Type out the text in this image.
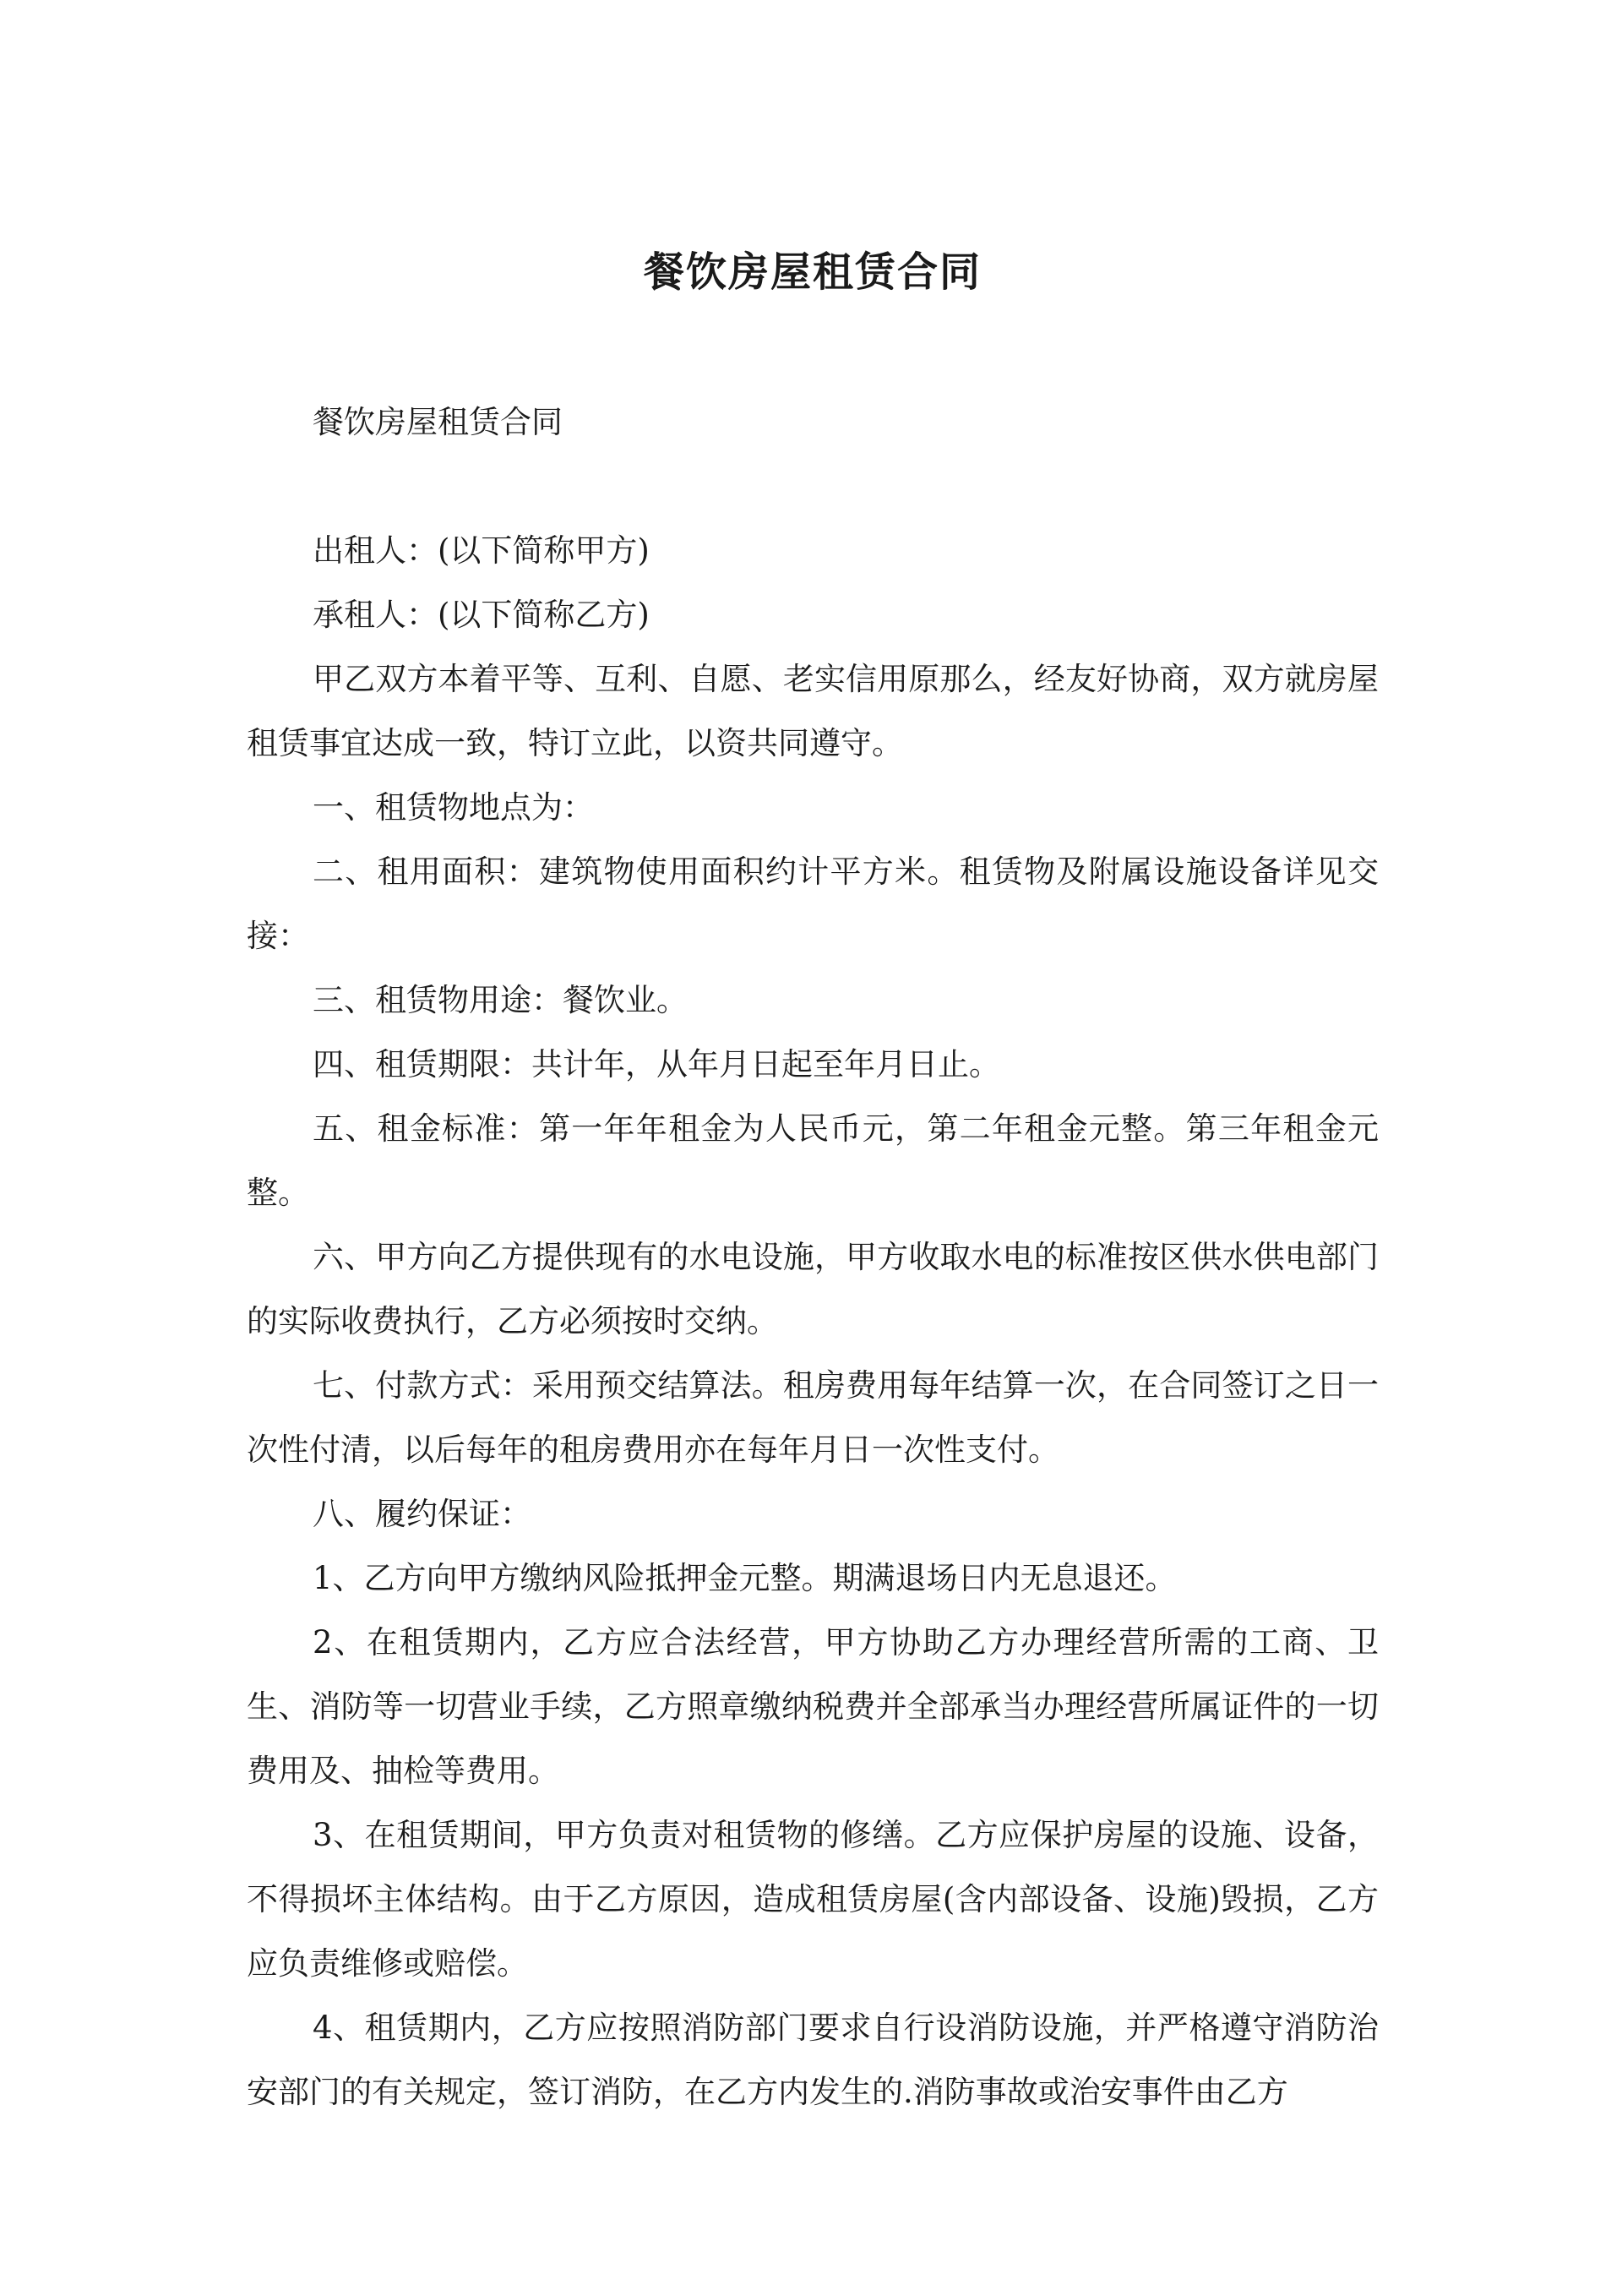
餐饮房屋租赁合同

餐饮房屋租赁合同

出租人：(以下简称甲方)

承租人：(以下简称乙方)

甲乙双方本着平等、互利、自愿、老实信用原那么，经友好协商，双方就房屋租赁事宜达成一致，特订立此，以资共同遵守。

一、租赁物地点为：

二、租用面积：建筑物使用面积约计平方米。租赁物及附属设施设备详见交接：

三、租赁物用途：餐饮业。

四、租赁期限：共计年，从年月日起至年月日止。

五、租金标准：第一年年租金为人民币元，第二年租金元整。第三年租金元整。

六、甲方向乙方提供现有的水电设施，甲方收取水电的标准按区供水供电部门的实际收费执行，乙方必须按时交纳。

七、付款方式：采用预交结算法。租房费用每年结算一次，在合同签订之日一次性付清，以后每年的租房费用亦在每年月日一次性支付。

八、履约保证：

1、乙方向甲方缴纳风险抵押金元整。期满退场日内无息退还。

2、在租赁期内，乙方应合法经营，甲方协助乙方办理经营所需的工商、卫生、消防等一切营业手续，乙方照章缴纳税费并全部承当办理经营所属证件的一切费用及、抽检等费用。

3、在租赁期间，甲方负责对租赁物的修缮。乙方应保护房屋的设施、设备，不得损坏主体结构。由于乙方原因，造成租赁房屋(含内部设备、设施)毁损，乙方应负责维修或赔偿。

4、租赁期内，乙方应按照消防部门要求自行设消防设施，并严格遵守消防治安部门的有关规定，签订消防，在乙方内发生的.消防事故或治安事件由乙方
